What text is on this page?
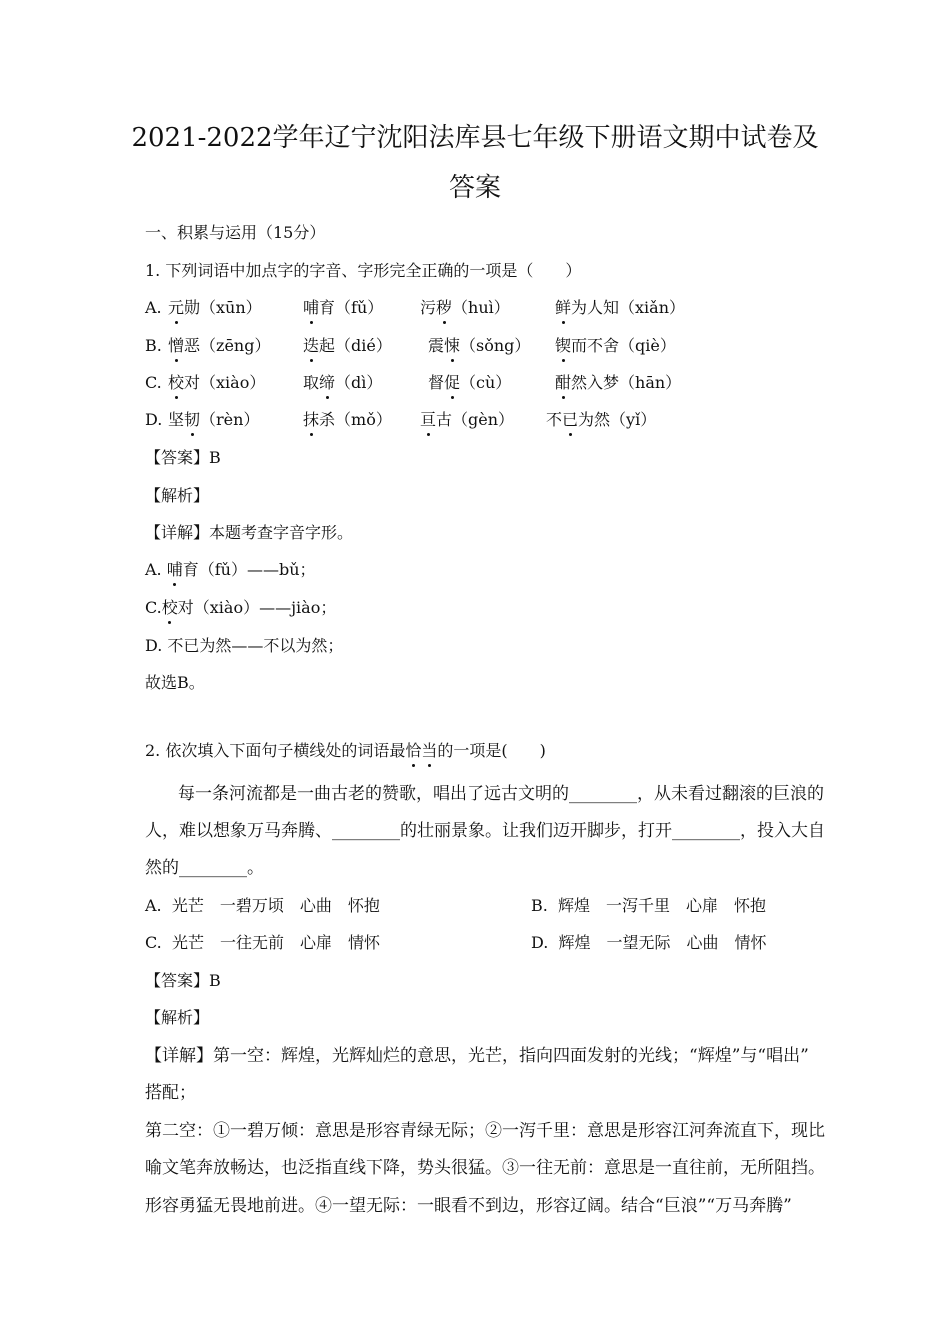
2021-2022学年辽宁沈阳法库县七年级下册语文期中试卷及
答案
一、积累与运用（15分）
1. 下列词语中加点字的字音、字形完全正确的一项是（　　）
A. 元勋（xūn）	哺育（fǔ） 污秽（huì）	鲜为人知（xiǎn）
B. 憎恶（zēng） 迭起（dié） 震悚（sǒng） 锲而不舍（qiè）
C. 校对（xiào） 取缔（dì）	督促（cù）	酣然入梦（hān）
D. 坚韧（rèn）	抹杀（mǒ） 亘古（gèn） 不已为然（yǐ）
【答案】B
【解析】
【详解】本题考查字音字形。
A. 哺育（fǔ）——bǔ；
C.校对（xiào）——jiào；
D. 不已为然——不以为然；
故选B。
2. 依次填入下面句子横线处的词语最恰当的一项是(　　)
每一条河流都是一曲古老的赞歌，唱出了远古文明的________，从未看过翻滚的巨浪的
人，难以想象万马奔腾、________的壮丽景象。让我们迈开脚步，打开________，投入大自
然的________。
A. 光芒　一碧万顷　心曲　怀抱	B. 辉煌　一泻千里　心扉　怀抱
C. 光芒　一往无前　心扉　情怀	D. 辉煌　一望无际　心曲　情怀
【答案】B
【解析】
【详解】第一空：辉煌，光辉灿烂的意思，光芒，指向四面发射的光线；“辉煌”与“唱出”
搭配；
第二空：①一碧万倾：意思是形容青绿无际；②一泻千里：意思是形容江河奔流直下，现比
喻文笔奔放畅达，也泛指直线下降，势头很猛。③一往无前：意思是一直往前，无所阻挡。
形容勇猛无畏地前进。④一望无际：一眼看不到边，形容辽阔。结合“巨浪”“万马奔腾”
